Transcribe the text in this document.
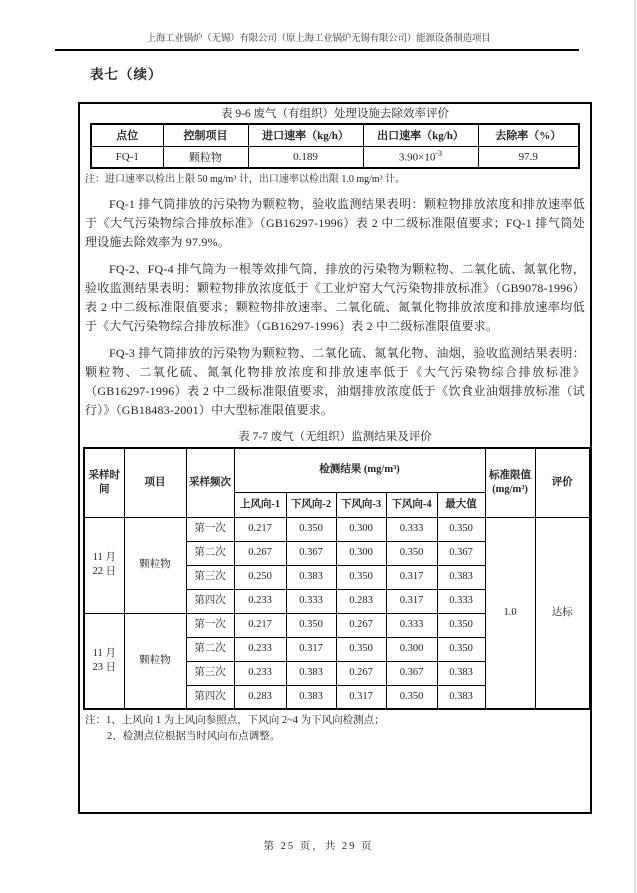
上海工业锅炉（无锡）有限公司（原上海工业锅炉无锡有限公司）能源设备制造项目
表七（续）
表 9-6 废气（有组织）处理设施去除效率评价
点位	控制项目	进口速率（kg/h）	出口速率（kg/h）	去除率（%）
FQ-1	颗粒物	0.189	$3.90\times 10^{-3}$	97.9
注：进口速率以检出上限 50 mg/m³ 计，出口速率以检出限 1.0 mg/m³ 计。

FQ-1 排气筒排放的污染物为颗粒物，验收监测结果表明：颗粒物排放浓度和排放速率低于《大气污染物综合排放标准》（GB16297-1996）表 2 中二级标准限值要求；FQ-1 排气筒处理设施去除效率为 97.9%。

FQ-2、FQ-4 排气筒为一根等效排气筒，排放的污染物为颗粒物、二氧化硫、氮氧化物，验收监测结果表明：颗粒物排放浓度低于《工业炉窑大气污染物排放标准》（GB9078-1996）表 2 中二级标准限值要求；颗粒物排放速率、二氧化硫、氮氧化物排放浓度和排放速率均低于《大气污染物综合排放标准》（GB16297-1996）表 2 中二级标准限值要求。

FQ-3 排气筒排放的污染物为颗粒物、二氧化硫、氮氧化物、油烟，验收监测结果表明：颗粒物、二氧化硫、氮氧化物排放浓度和排放速率低于《大气污染物综合排放标准》（GB16297-1996）表 2 中二级标准限值要求，油烟排放浓度低于《饮食业油烟排放标准（试行）》（GB18483-2001）中大型标准限值要求。

表 7-7 废气（无组织）监测结果及评价
采样时间	项目	采样频次	检测结果 (mg/m³)					标准限值 (mg/m³)	评价
			上风向-1	下风向-2	下风向-3	下风向-4	最大值		

11 月
22 日	颗粒物	第一次	0.217	0.350	0.300	0.333	0.350	1.0	达标
		第二次	0.267	0.367	0.300	0.350	0.367		
		第三次	0.250	0.383	0.350	0.317	0.383		
		第四次	0.233	0.333	0.283	0.317	0.333		

11 月
23 日	颗粒物	第一次	0.217	0.350	0.267	0.333	0.350		
		第二次	0.233	0.317	0.350	0.300	0.350		
		第三次	0.233	0.383	0.267	0.367	0.383		
		第四次	0.283	0.383	0.317	0.350	0.383		
注：1、上风向 1 为上风向参照点，下风向 2~4 为下风向检测点；
2、检测点位根据当时风向布点调整。
第 25 页，共 29 页
